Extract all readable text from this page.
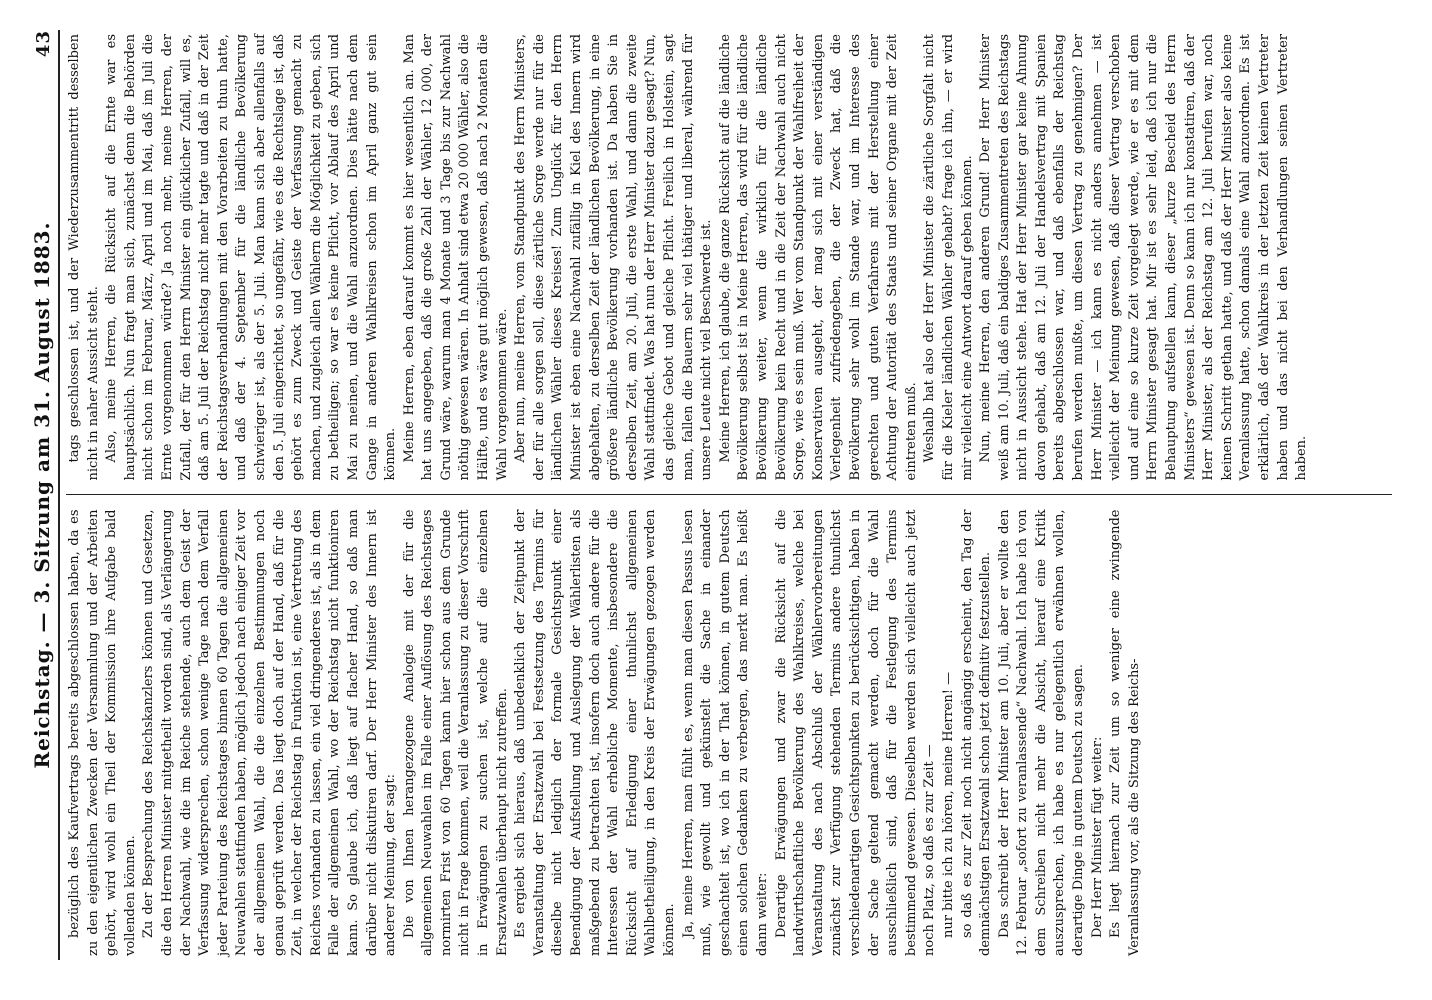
Reichstag. — 3. Sitzung am 31. August 1883.
43

bezüglich des Kaufvertrags bereits abgeschlossen haben, da es zu den eigentlichen Zwecken der Versammlung und der Arbeiten gehört, wird wohl ein Theil der Kommission ihre Aufgabe bald vollenden können. Zu der Besprechung des Reichskanzlers können und Gesetzen, die den Herren Minister mitgetheilt worden sind, als Verlängerung der Nachwahl, wie die im Reiche stehende, auch dem Geist der Verfassung widersprechen, schon wenige Tage nach dem Verfall jeder Parteiung des Reichstages binnen 60 Tagen die allgemeinen Neuwahlen stattfinden haben, möglich jedoch nach einiger Zeit vor der allgemeinen Wahl, die die einzelnen Bestimmungen noch genau geprüft werden. Das liegt doch auf der Hand, daß für die Zeit, in welcher der Reichstag in Funktion ist, eine Vertretung des Reiches vorhanden zu lassen, ein viel dringenderes ist, als in dem Falle der allgemeinen Wahl, wo der Reichstag nicht funktioniren kann. So glaube ich, daß liegt auf flacher Hand, so daß man darüber nicht diskutiren darf. Der Herr Minister des Innern ist anderer Meinung, der sagt: Die von Ihnen herangezogene Analogie mit der für die allgemeinen Neuwahlen im Falle einer Auflösung des Reichstages normirten Frist von 60 Tagen kann hier schon aus dem Grunde nicht in Frage kommen, weil die Veranlassung zu dieser Vorschrift in Erwägungen zu suchen ist, welche auf die einzelnen Ersatzwahlen überhaupt nicht zutreffen. Es ergiebt sich hieraus, daß unbedenklich der Zeitpunkt der Veranstaltung der Ersatzwahl bei Festsetzung des Termins für dieselbe nicht lediglich der formale Gesichtspunkt einer Beendigung der Aufstellung und Auslegung der Wählerlisten als maßgebend zu betrachten ist, insofern doch auch andere für die Interessen der Wahl erhebliche Momente, insbesondere die Rücksicht auf Erledigung einer thunlichst allgemeinen Wahlbetheiligung, in den Kreis der Erwägungen gezogen werden können. Ja, meine Herren, man fühlt es, wenn man diesen Passus lesen muß, wie gewollt und gekünstelt die Sache in einander geschachtelt ist, wo ich in der That können, in gutem Deutsch einen solchen Gedanken zu verbergen, das merkt man. Es heißt dann weiter: Derartige Erwägungen und zwar die Rücksicht auf die landwirthschaftliche Bevölkerung des Wahlkreises, welche bei Veranstaltung des nach Abschluß der Wählervorbereitungen zunächst zur Verfügung stehenden Termins andere thunlichst verschiedenartigen Gesichtspunkten zu berücksichtigen, haben in der Sache geltend gemacht werden, doch für die Wahl ausschließlich sind, daß für die Festlegung des Termins bestimmend gewesen. Dieselben werden sich vielleicht auch jetzt noch Platz, so daß es zur Zeit — nur bitte ich zu hören, meine Herren! — so daß es zur Zeit noch nicht angängig erscheint, den Tag der demnächstigen Ersatzwahl schon jetzt definitiv festzustellen. Das schreibt der Herr Minister am 10. Juli, aber er wollte den 12. Februar „sofort zu veranlassende“ Nachwahl. Ich habe ich von dem Schreiben nicht mehr die Absicht, hierauf eine Kritik auszusprechen, ich habe es nur gelegentlich erwähnen wollen, derartige Dinge in gutem Deutsch zu sagen. Der Herr Minister fügt weiter: Es liegt hiernach zur Zeit um so weniger eine zwingende Veranlassung vor, als die Sitzung des Reichs-

tags geschlossen ist, und der Wiederzusammentritt desselben nicht in naher Aussicht steht. Also, meine Herren, die Rücksicht auf die Ernte war es hauptsächlich. Nun fragt man sich, zunächst denn die Behörden nicht schon im Februar, März, April und im Mai, daß im Juli die Ernte vorgenommen würde? Ja noch mehr, meine Herren, der Zufall, der für den Herrn Minister ein glücklicher Zufall, will es, daß am 5. Juli der Reichstag nicht mehr tagte und daß in der Zeit der Reichstagsverhandlungen mit den Vorarbeiten zu thun hatte, und daß der 4. September für die ländliche Bevölkerung schwieriger ist, als der 5. Juli. Man kann sich aber allenfalls auf den 5. Juli eingerichtet, so ungefähr, wie es die Rechtslage ist, daß gehört es zum Zweck und Geiste der Verfassung gemacht zu machen, und zugleich allen Wählern die Möglichkeit zu geben, sich zu betheiligen; so war es keine Pflicht, vor Ablauf des April und Mai zu meinen, und die Wahl anzuordnen. Dies hätte nach dem Gange in anderen Wahlkreisen schon im April ganz gut sein können. Meine Herren, eben darauf kommt es hier wesentlich an. Man hat uns angegeben, daß die große Zahl der Wähler, 12 000, der Grund wäre, warum man 4 Monate und 3 Tage bis zur Nachwahl nöthig gewesen wären. In Anhalt sind etwa 20 000 Wähler, also die Hälfte, und es wäre gut möglich gewesen, daß nach 2 Monaten die Wahl vorgenommen wäre. Aber nun, meine Herren, vom Standpunkt des Herrn Ministers, der für alle sorgen soll, diese zärtliche Sorge werde nur für die ländlichen Wähler dieses Kreises! Zum Unglück für den Herrn Minister ist eben eine Nachwahl zufällig in Kiel des Innern wird abgehalten, zu derselben Zeit der ländlichen Bevölkerung, in eine größere ländliche Bevölkerung vorhanden ist. Da haben Sie in derselben Zeit, am 20. Juli, die erste Wahl, und dann die zweite Wahl stattfindet. Was hat nun der Herr Minister dazu gesagt? Nun, das gleiche Gebot und gleiche Pflicht. Freilich in Holstein, sagt man, fallen die Bauern sehr viel thätiger und liberal, während für unsere Leute nicht viel Beschwerde ist. Meine Herren, ich glaube, die ganze Rücksicht auf die ländliche Bevölkerung selbst ist in Meine Herren, das wird für die ländliche Bevölkerung weiter, wenn die wirklich für die ländliche Bevölkerung kein Recht und in die Zeit der Nachwahl auch nicht Sorge, wie es sein muß. Wer vom Standpunkt der Wahlfreiheit der Konservativen ausgeht, der mag sich mit einer verständigen Verlegenheit zufriedengeben, die der Zweck hat, daß die Bevölkerung sehr wohl im Stande war, und im Interesse des gerechten und guten Verfahrens mit der Herstellung einer Achtung der Autorität des Staats und seiner Organe mit der Zeit eintreten muß. Weshalb hat also der Herr Minister die zärtliche Sorgfalt nicht für die Kieler ländlichen Wähler gehabt? frage ich ihn, — er wird mir vielleicht eine Antwort darauf geben können. Nun, meine Herren, den anderen Grund! Der Herr Minister weiß am 10. Juli, daß ein baldiges Zusammentreten des Reichstags nicht in Aussicht stehe. Hat der Herr Minister gar keine Ahnung davon gehabt, daß am 12. Juli der Handelsvertrag mit Spanien bereits abgeschlossen war, und daß ebenfalls der Reichstag berufen werden mußte, um diesen Vertrag zu genehmigen? Der Herr Minister — ich kann es nicht anders annehmen — ist vielleicht der Meinung gewesen, daß dieser Vertrag verschoben und auf eine so kurze Zeit vorgelegt werde, wie er es mit dem Herrn Minister gesagt hat. Mir ist es sehr leid, daß ich nur die Behauptung aufstellen kann, dieser „kurze Bescheid des Herrn Ministers“ gewesen ist. Denn so kann ich nur konstatiren, daß der Herr Minister, als der Reichstag am 12. Juli berufen war, noch keinen Schritt gethan hatte, und daß der Herr Minister also keine Veranlassung hatte, schon damals eine Wahl anzuordnen. Es ist erklärlich, daß der Wahlkreis in der letzten Zeit keinen Vertreter haben und das nicht bei den Verhandlungen seinen Vertreter haben.
